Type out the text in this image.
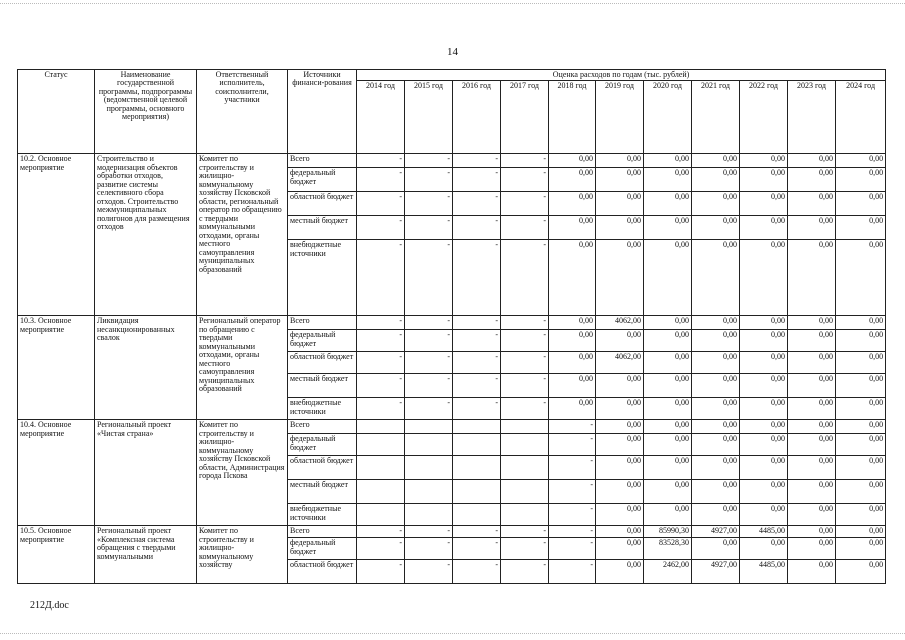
14
Статус	Наименование государственной программы, подпрограммы (ведомственной целевой программы, основного мероприятия)	Ответственный исполнитель, соисполнители, участники	Источники финанси-рования	Оценка расходов по годам (тыс. рублей)										
				2014 год	2015 год	2016 год	2017 год	2018 год	2019 год	2020 год	2021 год	2022 год	2023 год	2024 год
10.2. Основное мероприятие	Строительство и модернизация объектов обработки отходов, развитие системы селективного сбора отходов. Строительство межмуниципальных полигонов для размещения отходов	Комитет по строительству и жилищно-коммунальному хозяйству Псковской области, региональный оператор по обращению с твердыми коммунальными отходами, органы местного самоуправления муниципальных образований	Всего	-	-	-	-	0,00	0,00	0,00	0,00	0,00	0,00	0,00
			федеральный бюджет	-	-	-	-	0,00	0,00	0,00	0,00	0,00	0,00	0,00
			областной бюджет	-	-	-	-	0,00	0,00	0,00	0,00	0,00	0,00	0,00
			местный бюджет	-	-	-	-	0,00	0,00	0,00	0,00	0,00	0,00	0,00
			внебюджетные источники	-	-	-	-	0,00	0,00	0,00	0,00	0,00	0,00	0,00
10.3. Основное мероприятие	Ликвидация несанкционированных свалок	Региональный оператор по обращению с твердыми коммунальными отходами, органы местного самоуправления муниципальных образований	Всего	-	-	-	-	0,00	4062,00	0,00	0,00	0,00	0,00	0,00
			федеральный бюджет	-	-	-	-	0,00	0,00	0,00	0,00	0,00	0,00	0,00
			областной бюджет	-	-	-	-	0,00	4062,00	0,00	0,00	0,00	0,00	0,00
			местный бюджет	-	-	-	-	0,00	0,00	0,00	0,00	0,00	0,00	0,00
			внебюджетные источники	-	-	-	-	0,00	0,00	0,00	0,00	0,00	0,00	0,00
10.4. Основное мероприятие	Региональный проект «Чистая страна»	Комитет по строительству и жилищно-коммунальному хозяйству Псковской области, Администрация города Пскова	Всего					-	0,00	0,00	0,00	0,00	0,00	0,00
			федеральный бюджет					-	0,00	0,00	0,00	0,00	0,00	0,00
			областной бюджет					-	0,00	0,00	0,00	0,00	0,00	0,00
			местный бюджет					-	0,00	0,00	0,00	0,00	0,00	0,00
			внебюджетные источники					-	0,00	0,00	0,00	0,00	0,00	0,00
10.5. Основное мероприятие	Региональный проект «Комплексная система обращения с твердыми коммунальными	Комитет по строительству и жилищно-коммунальному хозяйству	Всего	-	-	-	-	-	0,00	85990,30	4927,00	4485,00	0,00	0,00
			федеральный бюджет	-	-	-	-	-	0,00	83528,30	0,00	0,00	0,00	0,00
			областной бюджет	-	-	-	-	-	0,00	2462,00	4927,00	4485,00	0,00	0,00
212Д.doc
